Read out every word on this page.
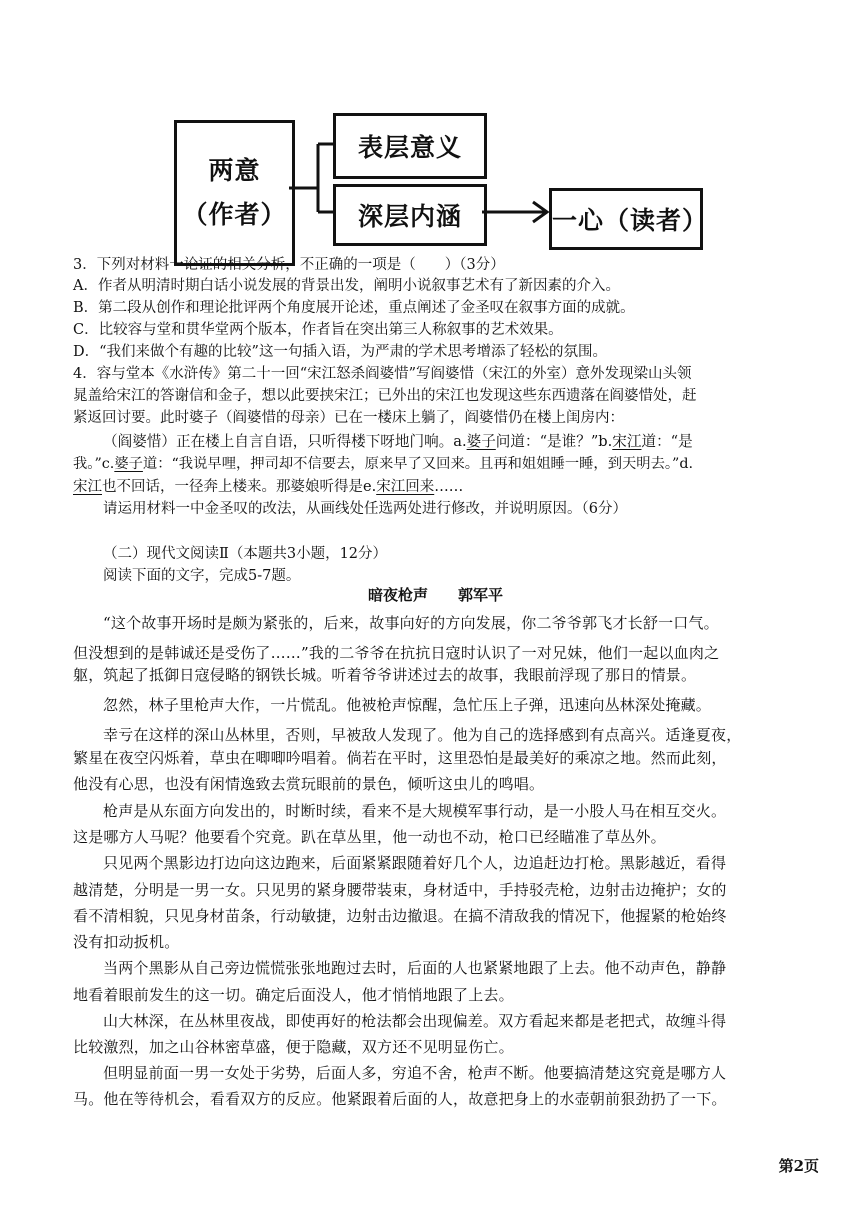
两意
（作者）
表层意义
深层内涵	一心（读者）
3．下列对材料一论证的相关分析，不正确的一项是（　　）（3分）
A．作者从明清时期白话小说发展的背景出发，阐明小说叙事艺术有了新因素的介入。
B．第二段从创作和理论批评两个角度展开论述，重点阐述了金圣叹在叙事方面的成就。
C．比较容与堂和贯华堂两个版本，作者旨在突出第三人称叙事的艺术效果。
D．“我们来做个有趣的比较”这一句插入语，为严肃的学术思考增添了轻松的氛围。
4．容与堂本《水浒传》第二十一回“宋江怒杀阎婆惜”写阎婆惜（宋江的外室）意外发现梁山头领
晁盖给宋江的答谢信和金子，想以此要挟宋江；已外出的宋江也发现这些东西遗落在阎婆惜处，赶
紧返回讨要。此时婆子（阎婆惜的母亲）已在一楼床上躺了，阎婆惜仍在楼上闺房内：
（阎婆惜）正在楼上自言自语，只听得楼下呀地门响。a.婆子问道：“是谁？”b.宋江道：“是
我。”c.婆子道：“我说早哩，押司却不信要去，原来早了又回来。且再和姐姐睡一睡，到天明去。”d.
宋江也不回话，一径奔上楼来。那婆娘听得是e.宋江回来……
请运用材料一中金圣叹的改法，从画线处任选两处进行修改，并说明原因。（6分）
（二）现代文阅读Ⅱ（本题共3小题，12分）
阅读下面的文字，完成5-7题。
暗夜枪声　　郭军平
“这个故事开场时是颇为紧张的，后来，故事向好的方向发展，你二爷爷郭飞才长舒一口气。
但没想到的是韩诚还是受伤了……”我的二爷爷在抗抗日寇时认识了一对兄妹，他们一起以血肉之
躯，筑起了抵御日寇侵略的钢铁长城。听着爷爷讲述过去的故事，我眼前浮现了那日的情景。
忽然，林子里枪声大作，一片慌乱。他被枪声惊醒，急忙压上子弹，迅速向丛林深处掩藏。
幸亏在这样的深山丛林里，否则，早被敌人发现了。他为自己的选择感到有点高兴。适逢夏夜，
繁星在夜空闪烁着，草虫在唧唧吟唱着。倘若在平时，这里恐怕是最美好的乘凉之地。然而此刻，
他没有心思，也没有闲情逸致去赏玩眼前的景色，倾听这虫儿的鸣唱。
枪声是从东面方向发出的，时断时续，看来不是大规模军事行动，是一小股人马在相互交火。
这是哪方人马呢？他要看个究竟。趴在草丛里，他一动也不动，枪口已经瞄准了草丛外。
只见两个黑影边打边向这边跑来，后面紧紧跟随着好几个人，边追赶边打枪。黑影越近，看得
越清楚，分明是一男一女。只见男的紧身腰带装束，身材适中，手持驳壳枪，边射击边掩护；女的
看不清相貌，只见身材苗条，行动敏捷，边射击边撤退。在搞不清敌我的情况下，他握紧的枪始终
没有扣动扳机。
当两个黑影从自己旁边慌慌张张地跑过去时，后面的人也紧紧地跟了上去。他不动声色，静静
地看着眼前发生的这一切。确定后面没人，他才悄悄地跟了上去。
山大林深，在丛林里夜战，即使再好的枪法都会出现偏差。双方看起来都是老把式，故缠斗得
比较激烈，加之山谷林密草盛，便于隐藏，双方还不见明显伤亡。
但明显前面一男一女处于劣势，后面人多，穷追不舍，枪声不断。他要搞清楚这究竟是哪方人
马。他在等待机会，看看双方的反应。他紧跟着后面的人，故意把身上的水壶朝前狠劲扔了一下。
第2页
